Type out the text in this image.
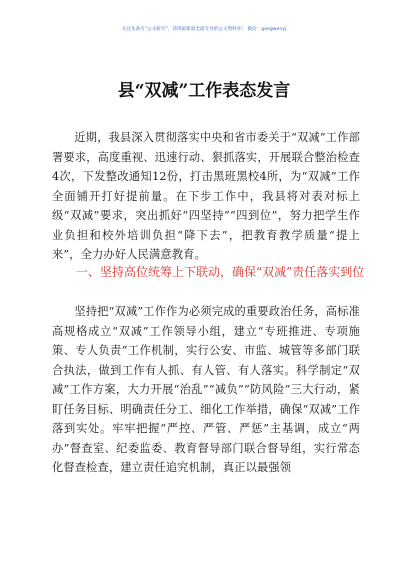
关注头条号“公文研究”，获得最新最全最专业的公文资料库！ 微信：gongwenyj
县“双减”工作表态发言

近期，我县深入贯彻落实中央和省市委关于“双减”工作部署要求，高度重视、迅速行动、狠抓落实，开展联合整治检查4次，下发整改通知12份，打击黑班黑校4所，为“双减”工作全面铺开打好提前量。在下步工作中，我县将对表对标上级“双减”要求，突出抓好“四坚持”“四到位”，努力把学生作业负担和校外培训负担“降下去”，把教育教学质量“提上来”，全力办好人民满意教育。

一、坚持高位统筹上下联动，确保“双减”责任落实到位

坚持把“双减”工作作为必须完成的重要政治任务，高标准高规格成立“双减”工作领导小组，建立“专班推进、专项施策、专人负责”工作机制，实行公安、市监、城管等多部门联合执法，做到工作有人抓、有人管、有人落实。科学制定“双减”工作方案，大力开展“治乱”“减负”“防风险”三大行动，紧盯任务目标、明确责任分工、细化工作举措，确保“双减”工作落到实处。牢牢把握“严控、严管、严惩”主基调，成立“两办”督查室、纪委监委、教育督导部门联合督导组，实行常态化督查检查，建立责任追究机制，真正以最强领
